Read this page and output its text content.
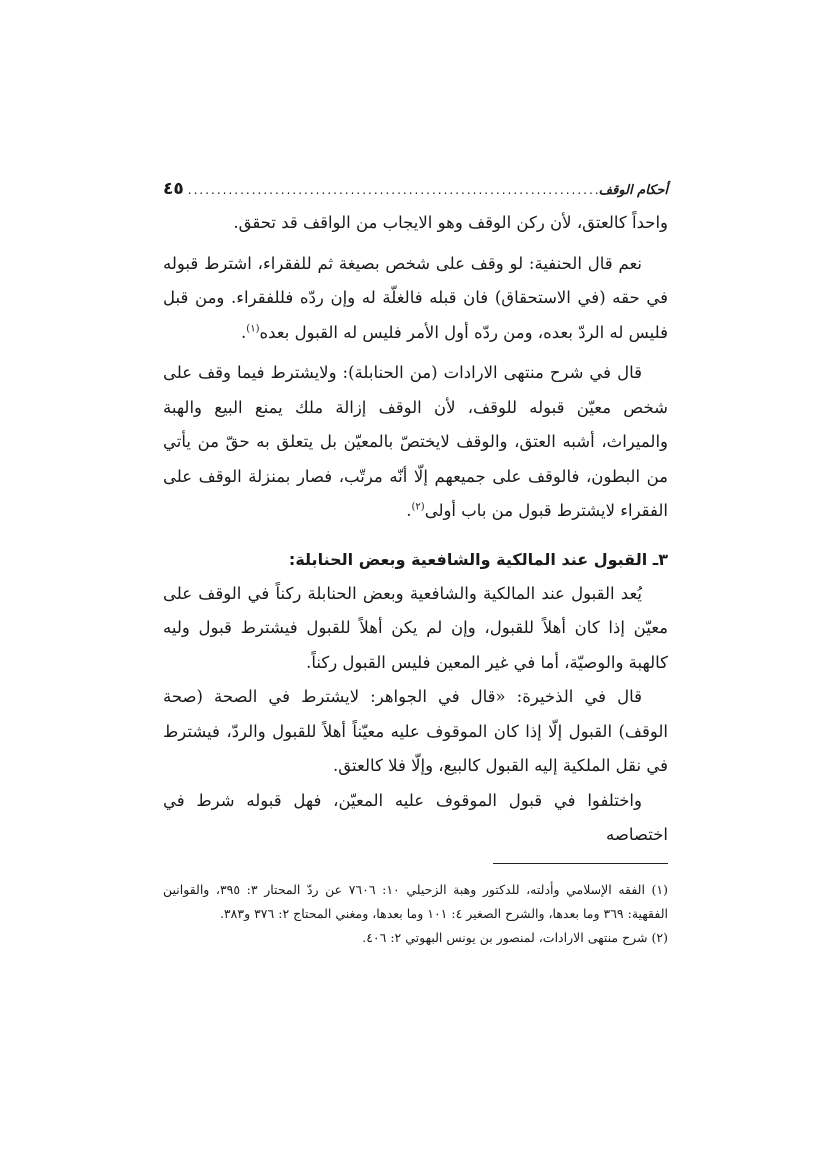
أحكام الوقف
.....
٤٥

واحداً كالعتق، لأن ركن الوقف وهو الايجاب من الواقف قد تحقق.

نعم قال الحنفية: لو وقف على شخص بصيغة ثم للفقراء، اشترط قبوله في حقه (في الاستحقاق) فان قبله فالغلّة له وإن ردّه فللفقراء. ومن قبل فليس له الردّ بعده، ومن ردّه أول الأمر فليس له القبول بعده$^{(١)}$.

قال في شرح منتهى الارادات (من الحنابلة): ولايشترط فيما وقف على شخص معيّن قبوله للوقف، لأن الوقف إزالة ملك يمنع البيع والهبة والميراث، أشبه العتق، والوقف لايختصّ بالمعيّن بل يتعلق به حقّ من يأتي من البطون، فالوقف على جميعهم إلّا أنّه مرتّب، فصار بمنزلة الوقف على الفقراء لايشترط قبول من باب أولى$^{(٢)}$.

٣ـ القبول عند المالكية والشافعية وبعض الحنابلة:

يُعد القبول عند المالكية والشافعية وبعض الحنابلة ركناً في الوقف على معيّن إذا كان أهلاً للقبول، وإن لم يكن أهلاً للقبول فيشترط قبول وليه كالهبة والوصيّة، أما في غير المعين فليس القبول ركناً.

قال في الذخيرة: «قال في الجواهر: لايشترط في الصحة (صحة الوقف) القبول إلّا إذا كان الموقوف عليه معيّناً أهلاً للقبول والردّ، فيشترط في نقل الملكية إليه القبول كالبيع، وإلّا فلا كالعتق.

واختلفوا في قبول الموقوف عليه المعيّن، فهل قبوله شرط في اختصاصه

(١) الفقه الإسلامي وأدلته، للدكتور وهبة الزحيلي ١٠: ٧٦٠٦ عن ردّ المحتار ٣: ٣٩٥، والقوانين الفقهية: ٣٦٩ وما بعدها، والشرح الصغير ٤: ١٠١ وما بعدها، ومغني المحتاج ٢: ٣٧٦ و٣٨٣.

(٢) شرح منتهى الارادات، لمنصور بن يونس البهوتي ٢: ٤٠٦.
